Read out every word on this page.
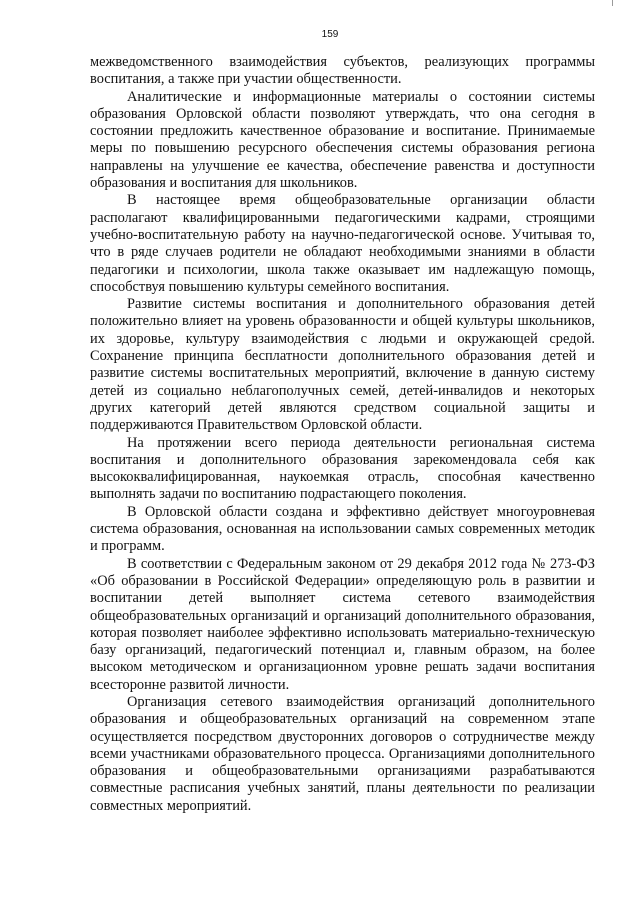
159

межведомственного взаимодействия субъектов, реализующих программы воспитания, а также при участии общественности.

Аналитические и информационные материалы о состоянии системы образования Орловской области позволяют утверждать, что она сегодня в состоянии предложить качественное образование и воспитание. Принимаемые меры по повышению ресурсного обеспечения системы образования региона направлены на улучшение ее качества, обеспечение равенства и доступности образования и воспитания для школьников.

В настоящее время общеобразовательные организации области располагают квалифицированными педагогическими кадрами, строящими учебно-воспитательную работу на научно-педагогической основе. Учитывая то, что в ряде случаев родители не обладают необходимыми знаниями в области педагогики и психологии, школа также оказывает им надлежащую помощь, способствуя повышению культуры семейного воспитания.

Развитие системы воспитания и дополнительного образования детей положительно влияет на уровень образованности и общей культуры школьников, их здоровье, культуру взаимодействия с людьми и окружающей средой. Сохранение принципа бесплатности дополнительного образования детей и развитие системы воспитательных мероприятий, включение в данную систему детей из социально неблагополучных семей, детей-инвалидов и некоторых других категорий детей являются средством социальной защиты и поддерживаются Правительством Орловской области.

На протяжении всего периода деятельности региональная система воспитания и дополнительного образования зарекомендовала себя как высококвалифицированная, наукоемкая отрасль, способная качественно выполнять задачи по воспитанию подрастающего поколения.

В Орловской области создана и эффективно действует многоуровневая система образования, основанная на использовании самых современных методик и программ.

В соответствии с Федеральным законом от 29 декабря 2012 года № 273-ФЗ «Об образовании в Российской Федерации» определяющую роль в развитии и воспитании детей выполняет система сетевого взаимодействия общеобразовательных организаций и организаций дополнительного образования, которая позволяет наиболее эффективно использовать материально-техническую базу организаций, педагогический потенциал и, главным образом, на более высоком методическом и организационном уровне решать задачи воспитания всесторонне развитой личности.

Организация сетевого взаимодействия организаций дополнительного образования и общеобразовательных организаций на современном этапе осуществляется посредством двусторонних договоров о сотрудничестве между всеми участниками образовательного процесса. Организациями дополнительного образования и общеобразовательными организациями разрабатываются совместные расписания учебных занятий, планы деятельности по реализации совместных мероприятий.
